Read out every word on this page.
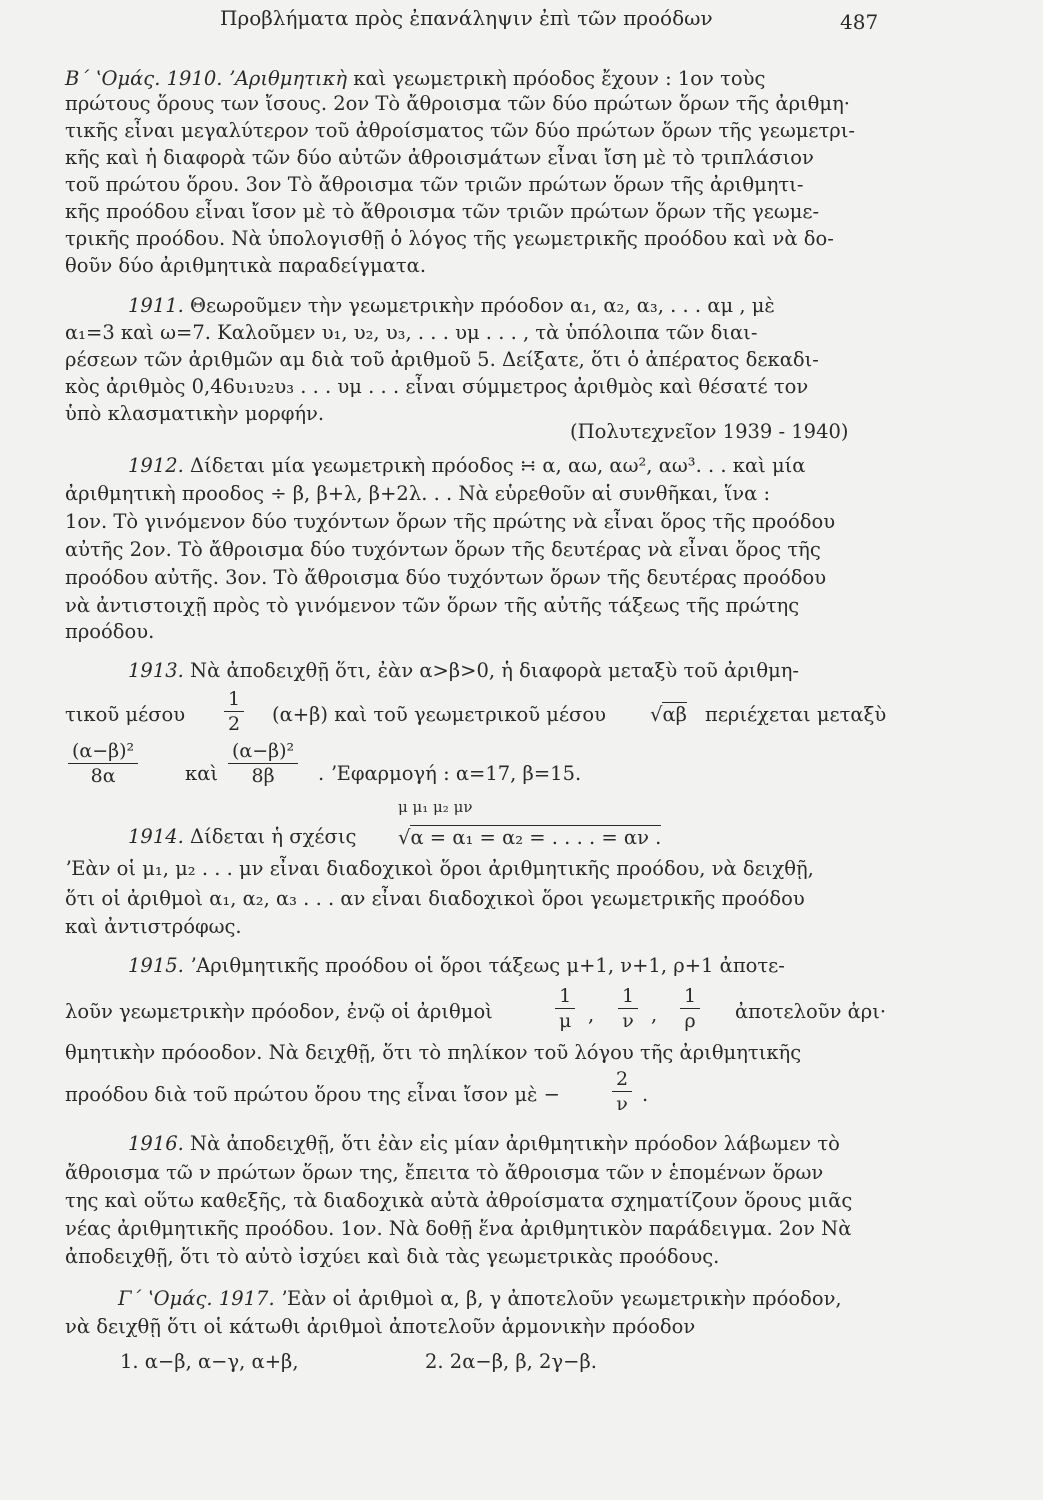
Προβλήματα πρὸς ἐπανάληψιν ἐπὶ τῶν προόδων	487
Β΄ ʽΟμάς. 1910. ʼΑριθμητικὴ καὶ γεωμετρικὴ πρόοδος ἔχουν : 1ον τοὺς
πρώτους ὅρους των ἴσους. 2ον Τὸ ἄθροισμα τῶν δύο πρώτων ὅρων τῆς ἀριθμη·
τικῆς εἶναι μεγαλύτερον τοῦ ἀθροίσματος τῶν δύο πρώτων ὅρων τῆς γεωμετρι-
κῆς καὶ ἡ διαφορὰ τῶν δύο αὐτῶν ἀθροισμάτων εἶναι ἴση μὲ τὸ τριπλάσιον
τοῦ πρώτου ὅρου. 3ον Τὸ ἄθροισμα τῶν τριῶν πρώτων ὅρων τῆς ἀριθμητι-
κῆς προόδου εἶναι ἴσον μὲ τὸ ἄθροισμα τῶν τριῶν πρώτων ὅρων τῆς γεωμε-
τρικῆς προόδου. Νὰ ὑπολογισθῇ ὁ λόγος τῆς γεωμετρικῆς προόδου καὶ νὰ δο-
θοῦν δύο ἀριθμητικὰ παραδείγματα.
1911. Θεωροῦμεν τὴν γεωμετρικὴν πρόοδον α₁, α₂, α₃, . . . αμ , μὲ
α₁=3 καὶ ω=7. Καλοῦμεν υ₁, υ₂, υ₃, . . . υμ . . . , τὰ ὑπόλοιπα τῶν διαι-
ρέσεων τῶν ἀριθμῶν αμ διὰ τοῦ ἀριθμοῦ 5. Δείξατε, ὅτι ὁ ἀπέρατος δεκαδι-
κὸς ἀριθμὸς 0,46υ₁υ₂υ₃ . . . υμ . . . εἶναι σύμμετρος ἀριθμὸς καὶ θέσατέ τον
ὑπὸ κλασματικὴν μορφήν.
(Πολυτεχνεῖον 1939 - 1940)
1912. Δίδεται μία γεωμετρικὴ πρόοδος ∺ α, αω, αω², αω³. . . καὶ μία
ἀριθμητικὴ προοδος ÷ β, β+λ, β+2λ. . . Νὰ εὑρεθοῦν αἱ συνθῆκαι, ἵνα :
1ον. Τὸ γινόμενον δύο τυχόντων ὅρων τῆς πρώτης νὰ εἶναι ὅρος τῆς προόδου
αὐτῆς 2ον. Τὸ ἄθροισμα δύο τυχόντων ὅρων τῆς δευτέρας νὰ εἶναι ὅρος τῆς
προόδου αὐτῆς. 3ον. Τὸ ἄθροισμα δύο τυχόντων ὅρων τῆς δευτέρας προόδου
νὰ ἀντιστοιχῇ πρὸς τὸ γινόμενον τῶν ὅρων τῆς αὐτῆς τάξεως τῆς πρώτης
προόδου.
1913. Νὰ ἀποδειχθῇ ὅτι, ἐὰν α>β>0, ἡ διαφορὰ μεταξὺ τοῦ ἀριθμη-
τικοῦ μέσου
1
2 (α+β) καὶ τοῦ γεωμετρικοῦ μέσου √αβ περιέχεται μεταξὺ
(α−β)²
8α	καὶ
(α−β)²
8β	. ʼΕφαρμογή : α=17, β=15.
μ μ₁ μ₂ μν
1914. Δίδεται ἡ σχέσις √α = α₁ = α₂ = . . . . = αν .
ʼΕὰν οἱ μ₁, μ₂ . . . μν εἶναι διαδοχικοὶ ὅροι ἀριθμητικῆς προόδου, νὰ δειχθῇ,
ὅτι οἱ ἀριθμοὶ α₁, α₂, α₃ . . . αν εἶναι διαδοχικοὶ ὅροι γεωμετρικῆς προόδου
καὶ ἀντιστρόφως.
1915. ʼΑριθμητικῆς προόδου οἱ ὅροι τάξεως μ+1, ν+1, ρ+1 ἀποτε-
λοῦν γεωμετρικὴν πρόοδον, ἐνῷ οἱ ἀριθμοὶ
1
μ ,
1
ν ,
1
ρ ἀποτελοῦν ἀρι·
θμητικὴν πρόοοδον. Νὰ δειχθῇ, ὅτι τὸ πηλίκον τοῦ λόγου τῆς ἀριθμητικῆς
προόδου διὰ τοῦ πρώτου ὅρου της εἶναι ἴσον μὲ −
2
ν .
1916. Νὰ ἀποδειχθῇ, ὅτι ἐὰν εἰς μίαν ἀριθμητικὴν πρόοδον λάβωμεν τὸ
ἄθροισμα τῶ ν πρώτων ὅρων της, ἔπειτα τὸ ἄθροισμα τῶν ν ἑπομένων ὅρων
της καὶ οὕτω καθεξῆς, τὰ διαδοχικὰ αὐτὰ ἀθροίσματα σχηματίζουν ὅρους μιᾶς
νέας ἀριθμητικῆς προόδου. 1ον. Νὰ δοθῇ ἕνα ἀριθμητικὸν παράδειγμα. 2ον Νὰ
ἀποδειχθῇ, ὅτι τὸ αὐτὸ ἰσχύει καὶ διὰ τὰς γεωμετρικὰς προόδους.
Γ΄ ʽΟμάς. 1917. ʼΕὰν οἱ ἀριθμοὶ α, β, γ ἀποτελοῦν γεωμετρικὴν πρόοδον,
νὰ δειχθῇ ὅτι οἱ κάτωθι ἀριθμοὶ ἀποτελοῦν ἁρμονικὴν πρόοδον
1. α−β, α−γ, α+β,	2. 2α−β, β, 2γ−β.
